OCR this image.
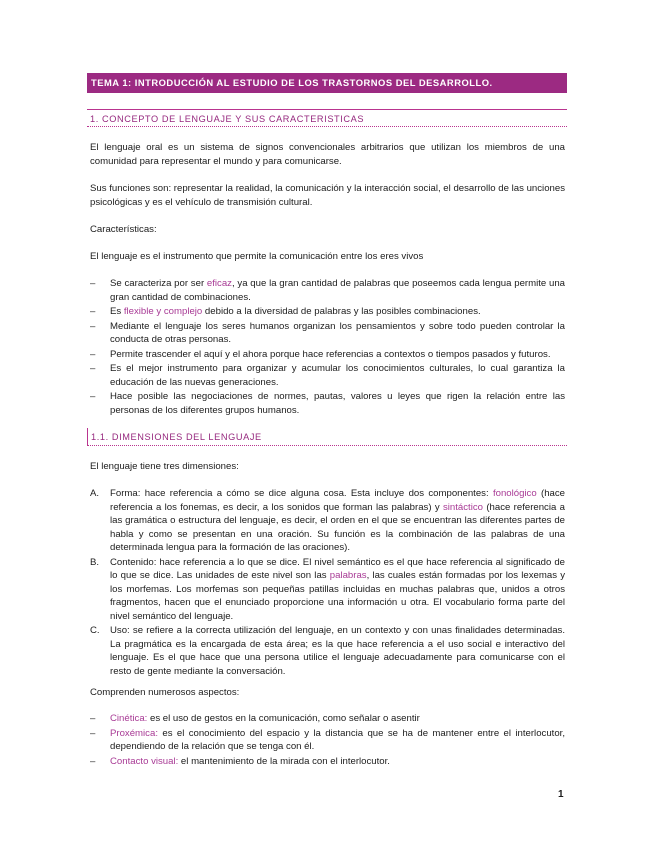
TEMA 1: INTRODUCCIÓN AL ESTUDIO DE LOS TRASTORNOS DEL DESARROLLO.
1. CONCEPTO DE LENGUAJE Y SUS CARACTERISTICAS

El lenguaje oral es un sistema de signos convencionales arbitrarios que utilizan los miembros de una comunidad para representar el mundo y para comunicarse.

Sus funciones son: representar la realidad, la comunicación y la interacción social, el desarrollo de las unciones psicológicas y es el vehículo de transmisión cultural.

Características:

El lenguaje es el instrumento que permite la comunicación entre los eres vivos

– Se caracteriza por ser eficaz, ya que la gran cantidad de palabras que poseemos cada lengua permite una gran cantidad de combinaciones.
– Es flexible y complejo debido a la diversidad de palabras y las posibles combinaciones.
– Mediante el lenguaje los seres humanos organizan los pensamientos y sobre todo pueden controlar la conducta de otras personas.
– Permite trascender el aquí y el ahora porque hace referencias a contextos o tiempos pasados y futuros.
– Es el mejor instrumento para organizar y acumular los conocimientos culturales, lo cual garantiza la educación de las nuevas generaciones.
– Hace posible las negociaciones de normes, pautas, valores u leyes que rigen la relación entre las personas de los diferentes grupos humanos.
1.1. DIMENSIONES DEL LENGUAJE

El lenguaje tiene tres dimensiones:

A. Forma: hace referencia a cómo se dice alguna cosa. Esta incluye dos componentes: fonológico (hace referencia a los fonemas, es decir, a los sonidos que forman las palabras) y sintáctico (hace referencia a las gramática o estructura del lenguaje, es decir, el orden en el que se encuentran las diferentes partes de habla y como se presentan en una oración. Su función es la combinación de las palabras de una determinada lengua para la formación de las oraciones).
B. Contenido: hace referencia a lo que se dice. El nivel semántico es el que hace referencia al significado de lo que se dice. Las unidades de este nivel son las palabras, las cuales están formadas por los lexemas y los morfemas. Los morfemas son pequeñas patillas incluidas en muchas palabras que, unidos a otros fragmentos, hacen que el enunciado proporcione una información u otra. El vocabulario forma parte del nivel semántico del lenguaje.
C. Uso: se refiere a la correcta utilización del lenguaje, en un contexto y con unas finalidades determinadas. La pragmática es la encargada de esta área; es la que hace referencia a el uso social e interactivo del lenguaje. Es el que hace que una persona utilice el lenguaje adecuadamente para comunicarse con el resto de gente mediante la conversación.

Comprenden numerosos aspectos:

– Cinética: es el uso de gestos en la comunicación, como señalar o asentir
– Proxémica: es el conocimiento del espacio y la distancia que se ha de mantener entre el interlocutor, dependiendo de la relación que se tenga con él.
– Contacto visual: el mantenimiento de la mirada con el interlocutor.
1
